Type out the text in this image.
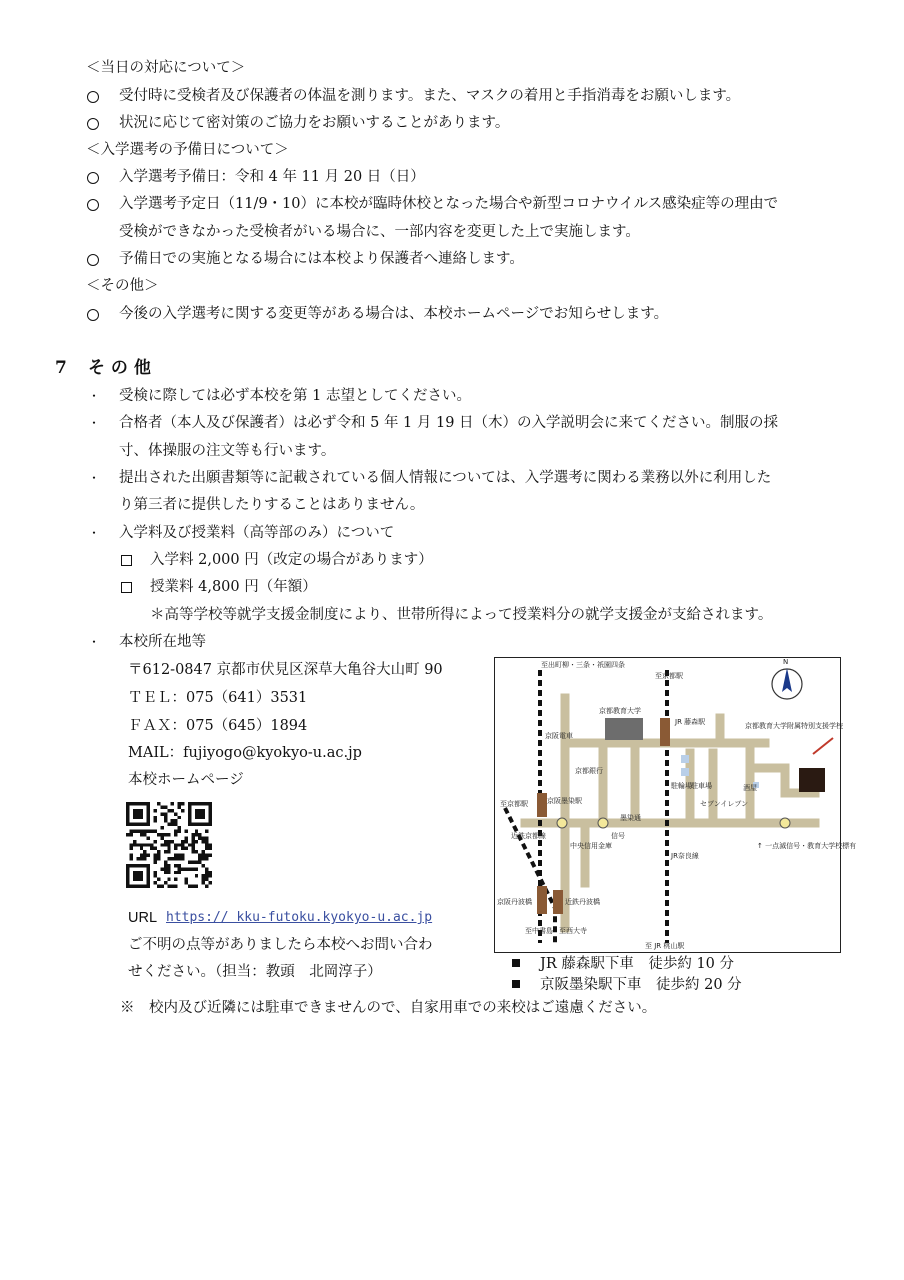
＜当日の対応について＞
受付時に受検者及び保護者の体温を測ります。また、マスクの着用と手指消毒をお願いします。
状況に応じて密対策のご協力をお願いすることがあります。
＜入学選考の予備日について＞
入学選考予備日：令和 4 年 11 月 20 日（日）
入学選考予定日（11/9・10）に本校が臨時休校となった場合や新型コロナウイルス感染症等の理由で
受検ができなかった受検者がいる場合に、一部内容を変更した上で実施します。
予備日での実施となる場合には本校より保護者へ連絡します。
＜その他＞
今後の入学選考に関する変更等がある場合は、本校ホームページでお知らせします。
7 そ の 他
・ 受検に際しては必ず本校を第 1 志望としてください。
・ 合格者（本人及び保護者）は必ず令和 5 年 1 月 19 日（木）の入学説明会に来てください。制服の採
寸、体操服の注文等も行います。
・ 提出された出願書類等に記載されている個人情報については、入学選考に関わる業務以外に利用した
り第三者に提供したりすることはありません。
・ 入学料及び授業料（高等部のみ）について
入学料 2,000 円（改定の場合があります）
授業料 4,800 円（年額）
＊高等学校等就学支援金制度により、世帯所得によって授業料分の就学支援金が支給されます。
・ 本校所在地等
〒612‐0847 京都市伏見区深草大亀谷大山町 90
ＴＥＬ：075（641）3531
ＦＡＸ：075（645）1894
MAIL：fujiyogo@kyokyo‐u.ac.jp
本校ホームページ
URL https:// kku-futoku.kyokyo-u.ac.jp
ご不明の点等がありましたら本校へお問い合わ
せください。（担当：教頭　北岡淳子）	JR 藤森駅下車　徒歩約 10 分
京阪墨染駅下車　徒歩約 20 分
※　校内及び近隣には駐車できませんので、自家用車での来校はご遠慮ください。
N
至出町柳・三条・祇園四条
至京都駅
京都教育大学
JR 藤森駅	京都教育大学附属特別支援学校
京阪電車
京都銀行
京阪墨染駅
至京都駅
墨染通
駐輪場 駐車場
セブンイレブン
酒屋
中央信用金庫
JR奈良線
信号
↑ 一点滅信号・教育大学校標有
近鉄京都線
京阪丹波橋	近鉄丹波橋
至中書島 至西大寺
至 JR 桃山駅
